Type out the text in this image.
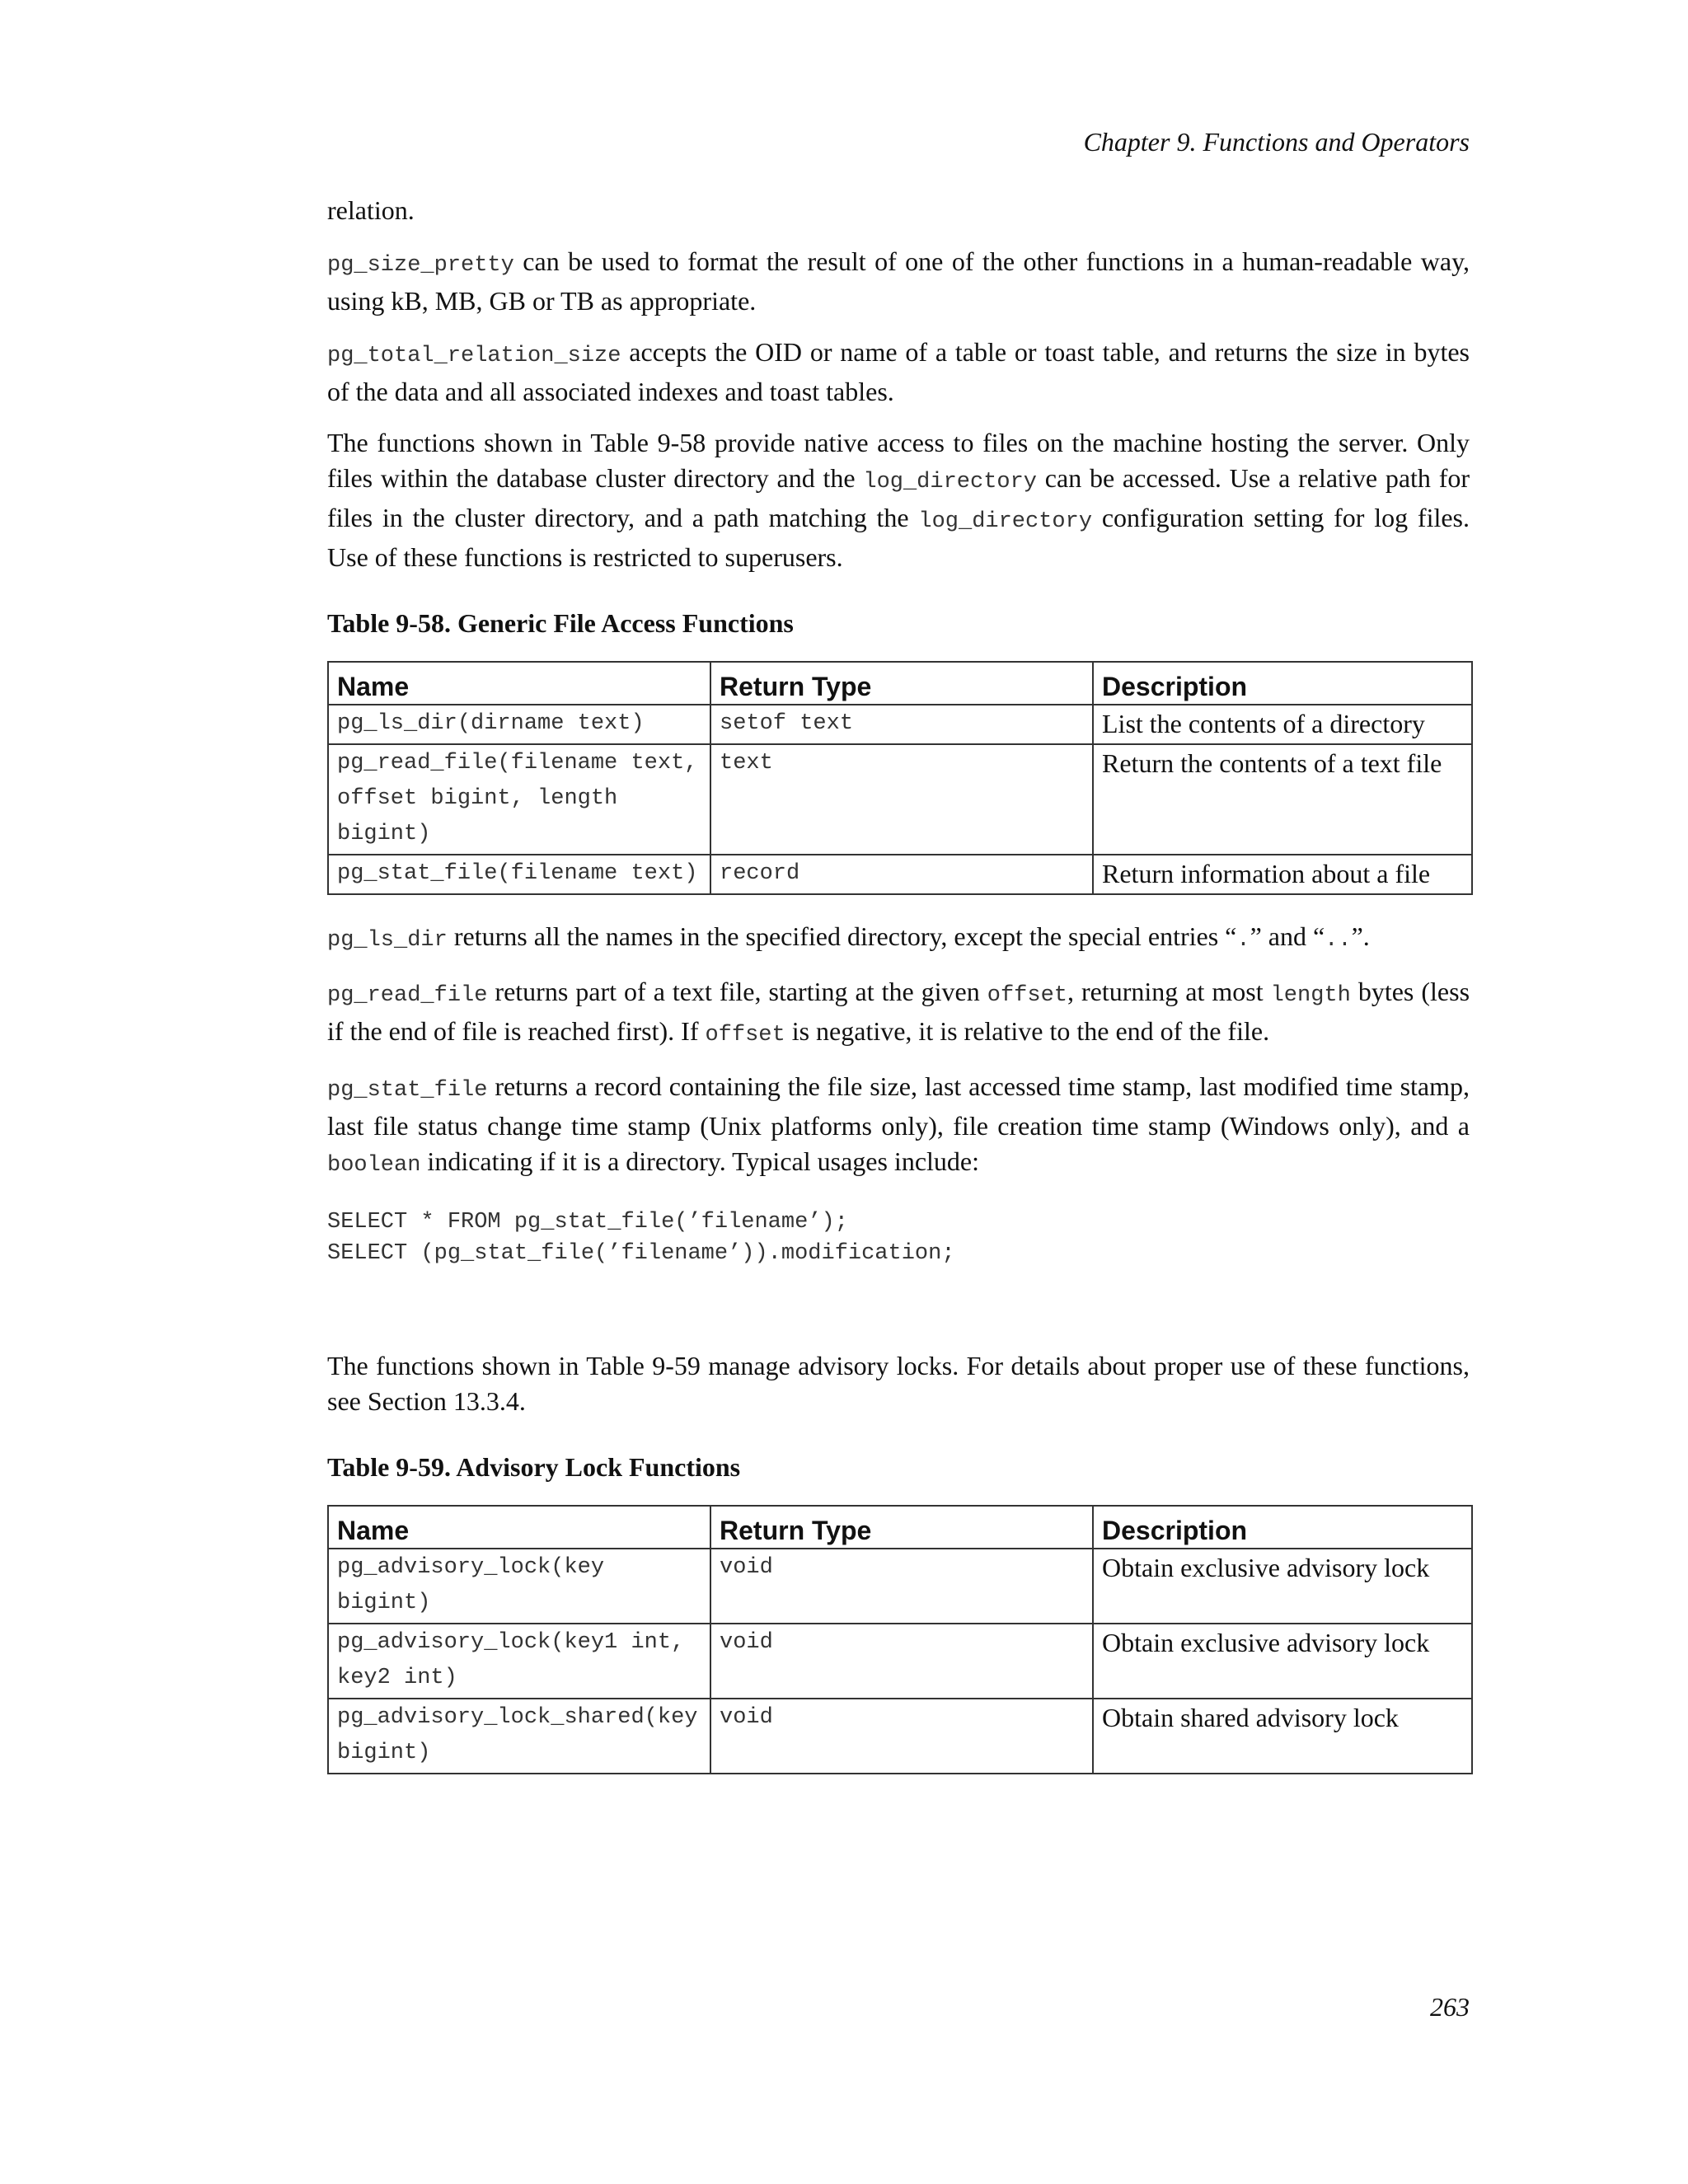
Chapter 9. Functions and Operators

relation.

pg_size_pretty can be used to format the result of one of the other functions in a human-readable way, using kB, MB, GB or TB as appropriate.

pg_total_relation_size accepts the OID or name of a table or toast table, and returns the size in bytes of the data and all associated indexes and toast tables.

The functions shown in Table 9-58 provide native access to files on the machine hosting the server. Only files within the database cluster directory and the log_directory can be accessed. Use a relative path for files in the cluster directory, and a path matching the log_directory configuration setting for log files. Use of these functions is restricted to superusers.

Table 9-58. Generic File Access Functions
Name	Return Type	Description
pg_ls_dir(dirname text)	setof text	List the contents of a directory
pg_read_file(filename text, offset bigint, length bigint)	text	Return the contents of a text file
pg_stat_file(filename text)	record	Return information about a file

pg_ls_dir returns all the names in the specified directory, except the special entries “.” and “..”.

pg_read_file returns part of a text file, starting at the given offset, returning at most length bytes (less if the end of file is reached first). If offset is negative, it is relative to the end of the file.

pg_stat_file returns a record containing the file size, last accessed time stamp, last modified time stamp, last file status change time stamp (Unix platforms only), file creation time stamp (Windows only), and a boolean indicating if it is a directory. Typical usages include:

SELECT * FROM pg_stat_file(’filename’);
SELECT (pg_stat_file(’filename’)).modification;

The functions shown in Table 9-59 manage advisory locks. For details about proper use of these functions, see Section 13.3.4.

Table 9-59. Advisory Lock Functions
Name	Return Type	Description
pg_advisory_lock(key bigint)	void	Obtain exclusive advisory lock
pg_advisory_lock(key1 int, key2 int)	void	Obtain exclusive advisory lock
pg_advisory_lock_shared(key bigint)	void	Obtain shared advisory lock
263
